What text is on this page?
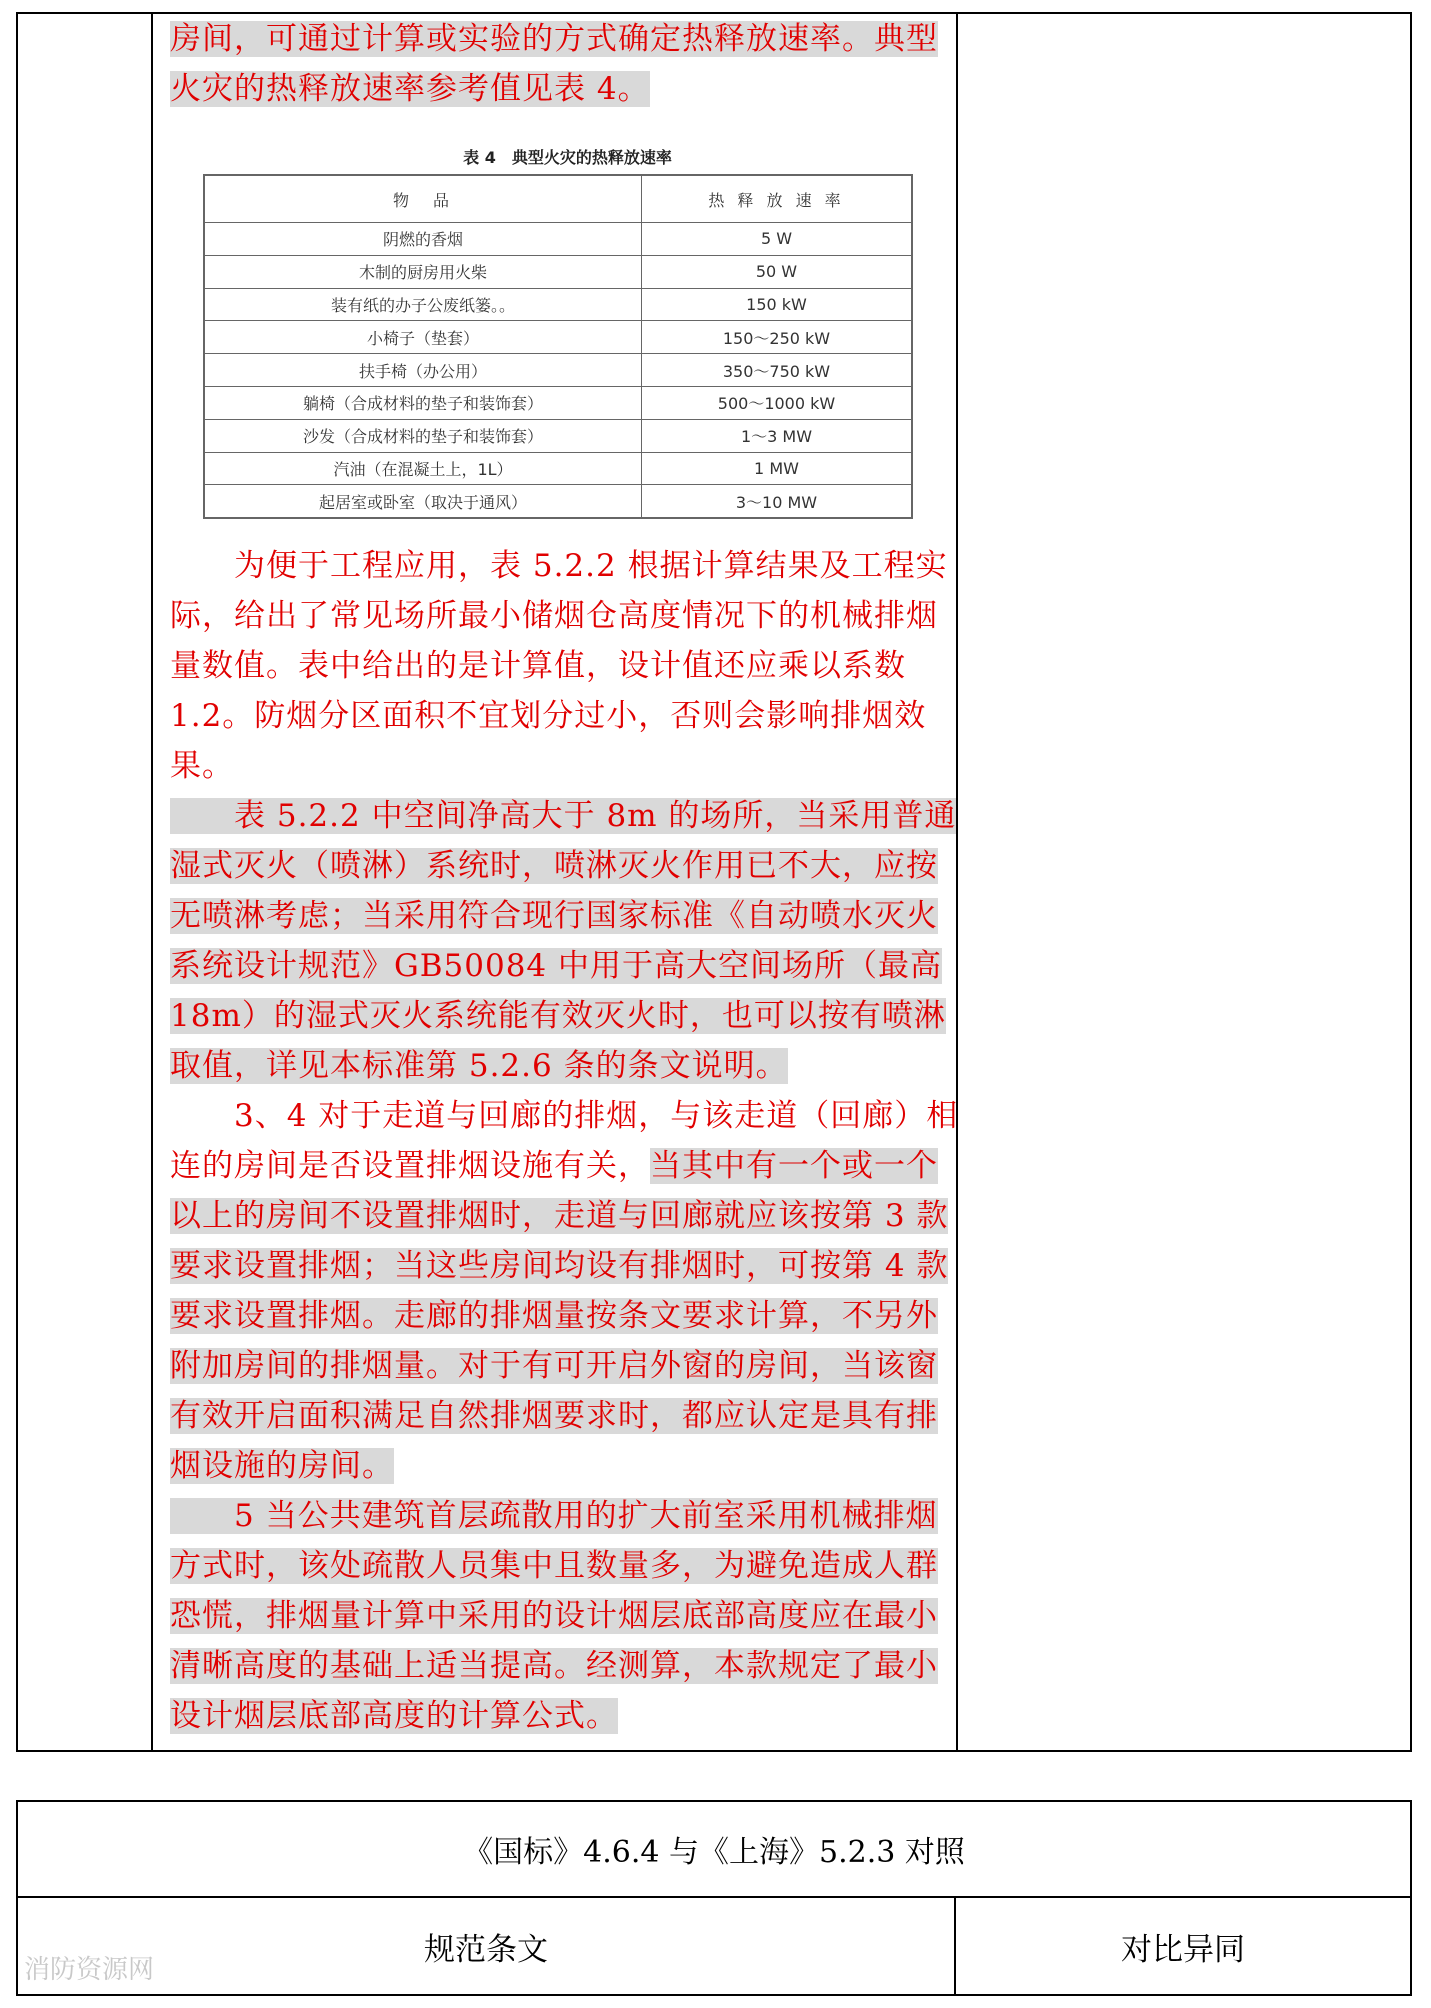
房间，可通过计算或实验的方式确定热释放速率。典型火灾的热释放速率参考值见表 4。

表 4　典型火灾的热释放速率
物　品	热 释 放 速 率
阴燃的香烟	5 W
木制的厨房用火柴	50 W
装有纸的办子公废纸篓。。	150 kW
小椅子（垫套）	150～250 kW
扶手椅（办公用）	350～750 kW
躺椅（合成材料的垫子和装饰套）	500～1000 kW
沙发（合成材料的垫子和装饰套）	1～3 MW
汽油（在混凝土上，1L）	1 MW
起居室或卧室（取决于通风）	3～10 MW

为便于工程应用，表 5.2.2 根据计算结果及工程实际，给出了常见场所最小储烟仓高度情况下的机械排烟量数值。表中给出的是计算值，设计值还应乘以系数 1.2。防烟分区面积不宜划分过小，否则会影响排烟效果。

表 5.2.2 中空间净高大于 8m 的场所，当采用普通湿式灭火（喷淋）系统时，喷淋灭火作用已不大，应按无喷淋考虑；当采用符合现行国家标准《自动喷水灭火系统设计规范》GB50084 中用于高大空间场所（最高 18m）的湿式灭火系统能有效灭火时，也可以按有喷淋取值，详见本标准第 5.2.6 条的条文说明。

3、4 对于走道与回廊的排烟，与该走道（回廊）相连的房间是否设置排烟设施有关，当其中有一个或一个以上的房间不设置排烟时，走道与回廊就应该按第 3 款要求设置排烟；当这些房间均设有排烟时，可按第 4 款要求设置排烟。走廊的排烟量按条文要求计算，不另外附加房间的排烟量。对于有可开启外窗的房间，当该窗有效开启面积满足自然排烟要求时，都应认定是具有排烟设施的房间。

5 当公共建筑首层疏散用的扩大前室采用机械排烟方式时，该处疏散人员集中且数量多，为避免造成人群恐慌，排烟量计算中采用的设计烟层底部高度应在最小清晰高度的基础上适当提高。经测算，本款规定了最小设计烟层底部高度的计算公式。

《国标》4.6.4 与《上海》5.2.3 对照
规范条文	对比异同
消防资源网
